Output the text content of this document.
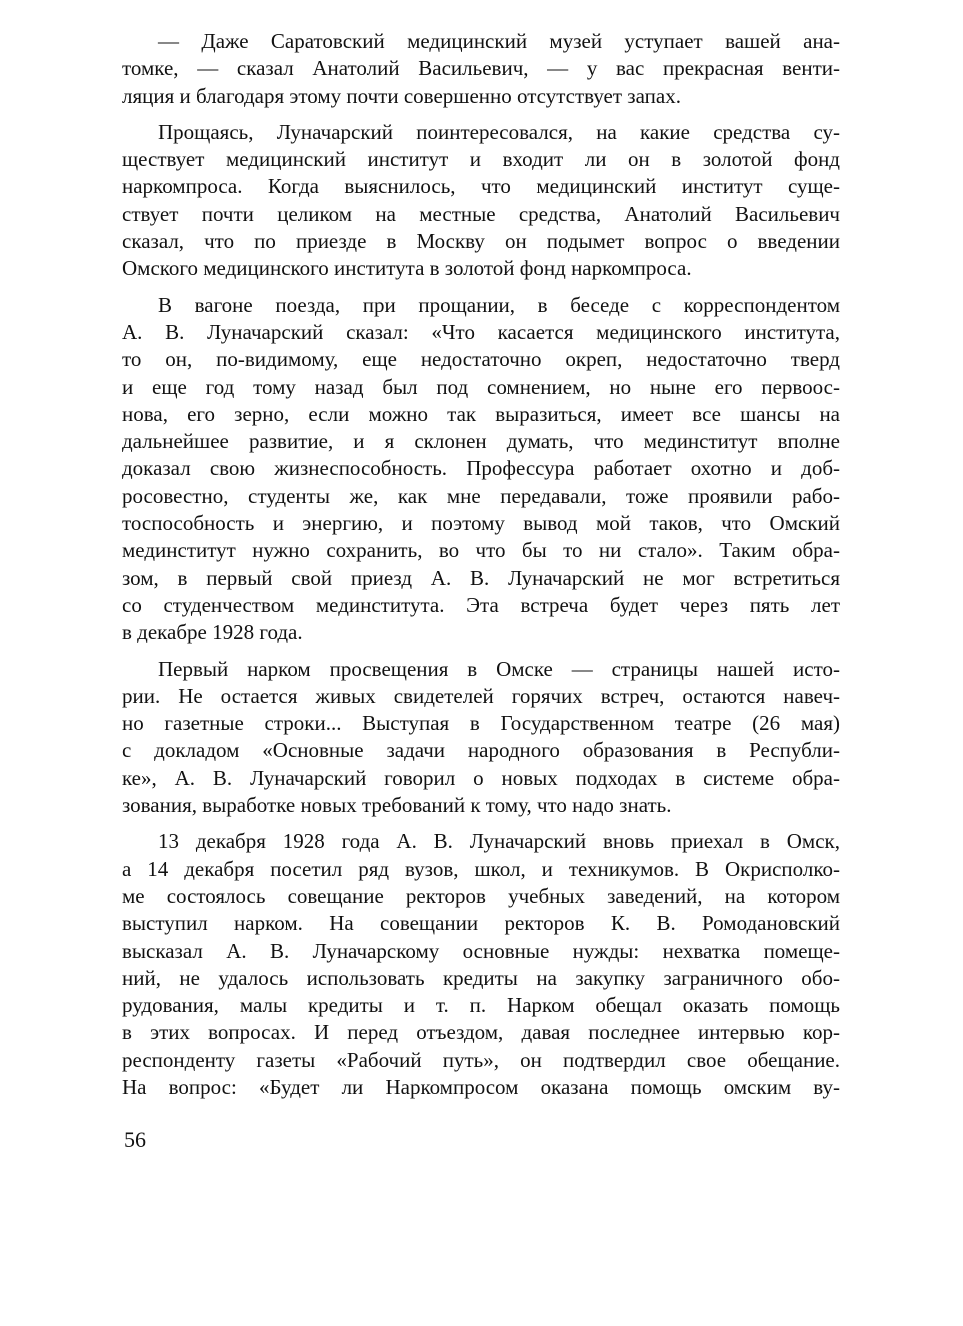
— Даже Саратовский медицинский музей уступает вашей ана-
томке, — сказал Анатолий Васильевич, — у вас прекрасная венти-
ляция и благодаря этому почти совершенно отсутствует запах.
Прощаясь, Луначарский поинтересовался, на какие средства су-
ществует медицинский институт и входит ли он в золотой фонд
наркомпроса. Когда выяснилось, что медицинский институт суще-
ствует почти целиком на местные средства, Анатолий Васильевич
сказал, что по приезде в Москву он подымет вопрос о введении
Омского медицинского института в золотой фонд наркомпроса.
В вагоне поезда, при прощании, в беседе с корреспондентом
А. В. Луначарский сказал: «Что касается медицинского института,
то он, по-видимому, еще недостаточно окреп, недостаточно тверд
и еще год тому назад был под сомнением, но ныне его первоос-
нова, его зерно, если можно так выразиться, имеет все шансы на
дальнейшее развитие, и я склонен думать, что мединститут вполне
доказал свою жизнеспособность. Профессура работает охотно и доб-
росовестно, студенты же, как мне передавали, тоже проявили рабо-
тоспособность и энергию, и поэтому вывод мой таков, что Омский
мединститут нужно сохранить, во что бы то ни стало». Таким обра-
зом, в первый свой приезд А. В. Луначарский не мог встретиться
со студенчеством мединститута. Эта встреча будет через пять лет
в декабре 1928 года.
Первый нарком просвещения в Омске — страницы нашей исто-
рии. Не остается живых свидетелей горячих встреч, остаются навеч-
но газетные строки... Выступая в Государственном театре (26 мая)
с докладом «Основные задачи народного образования в Республи-
ке», А. В. Луначарский говорил о новых подходах в системе обра-
зования, выработке новых требований к тому, что надо знать.
13 декабря 1928 года А. В. Луначарский вновь приехал в Омск,
а 14 декабря посетил ряд вузов, школ, и техникумов. В Окрисполко-
ме состоялось совещание ректоров учебных заведений, на котором
выступил нарком. На совещании ректоров К. В. Ромодановский
высказал А. В. Луначарскому основные нужды: нехватка помеще-
ний, не удалось использовать кредиты на закупку заграничного обо-
рудования, малы кредиты и т. п. Нарком обещал оказать помощь
в этих вопросах. И перед отъездом, давая последнее интервью кор-
респонденту газеты «Рабочий путь», он подтвердил свое обещание.
На вопрос: «Будет ли Наркомпросом оказана помощь омским ву-
56
